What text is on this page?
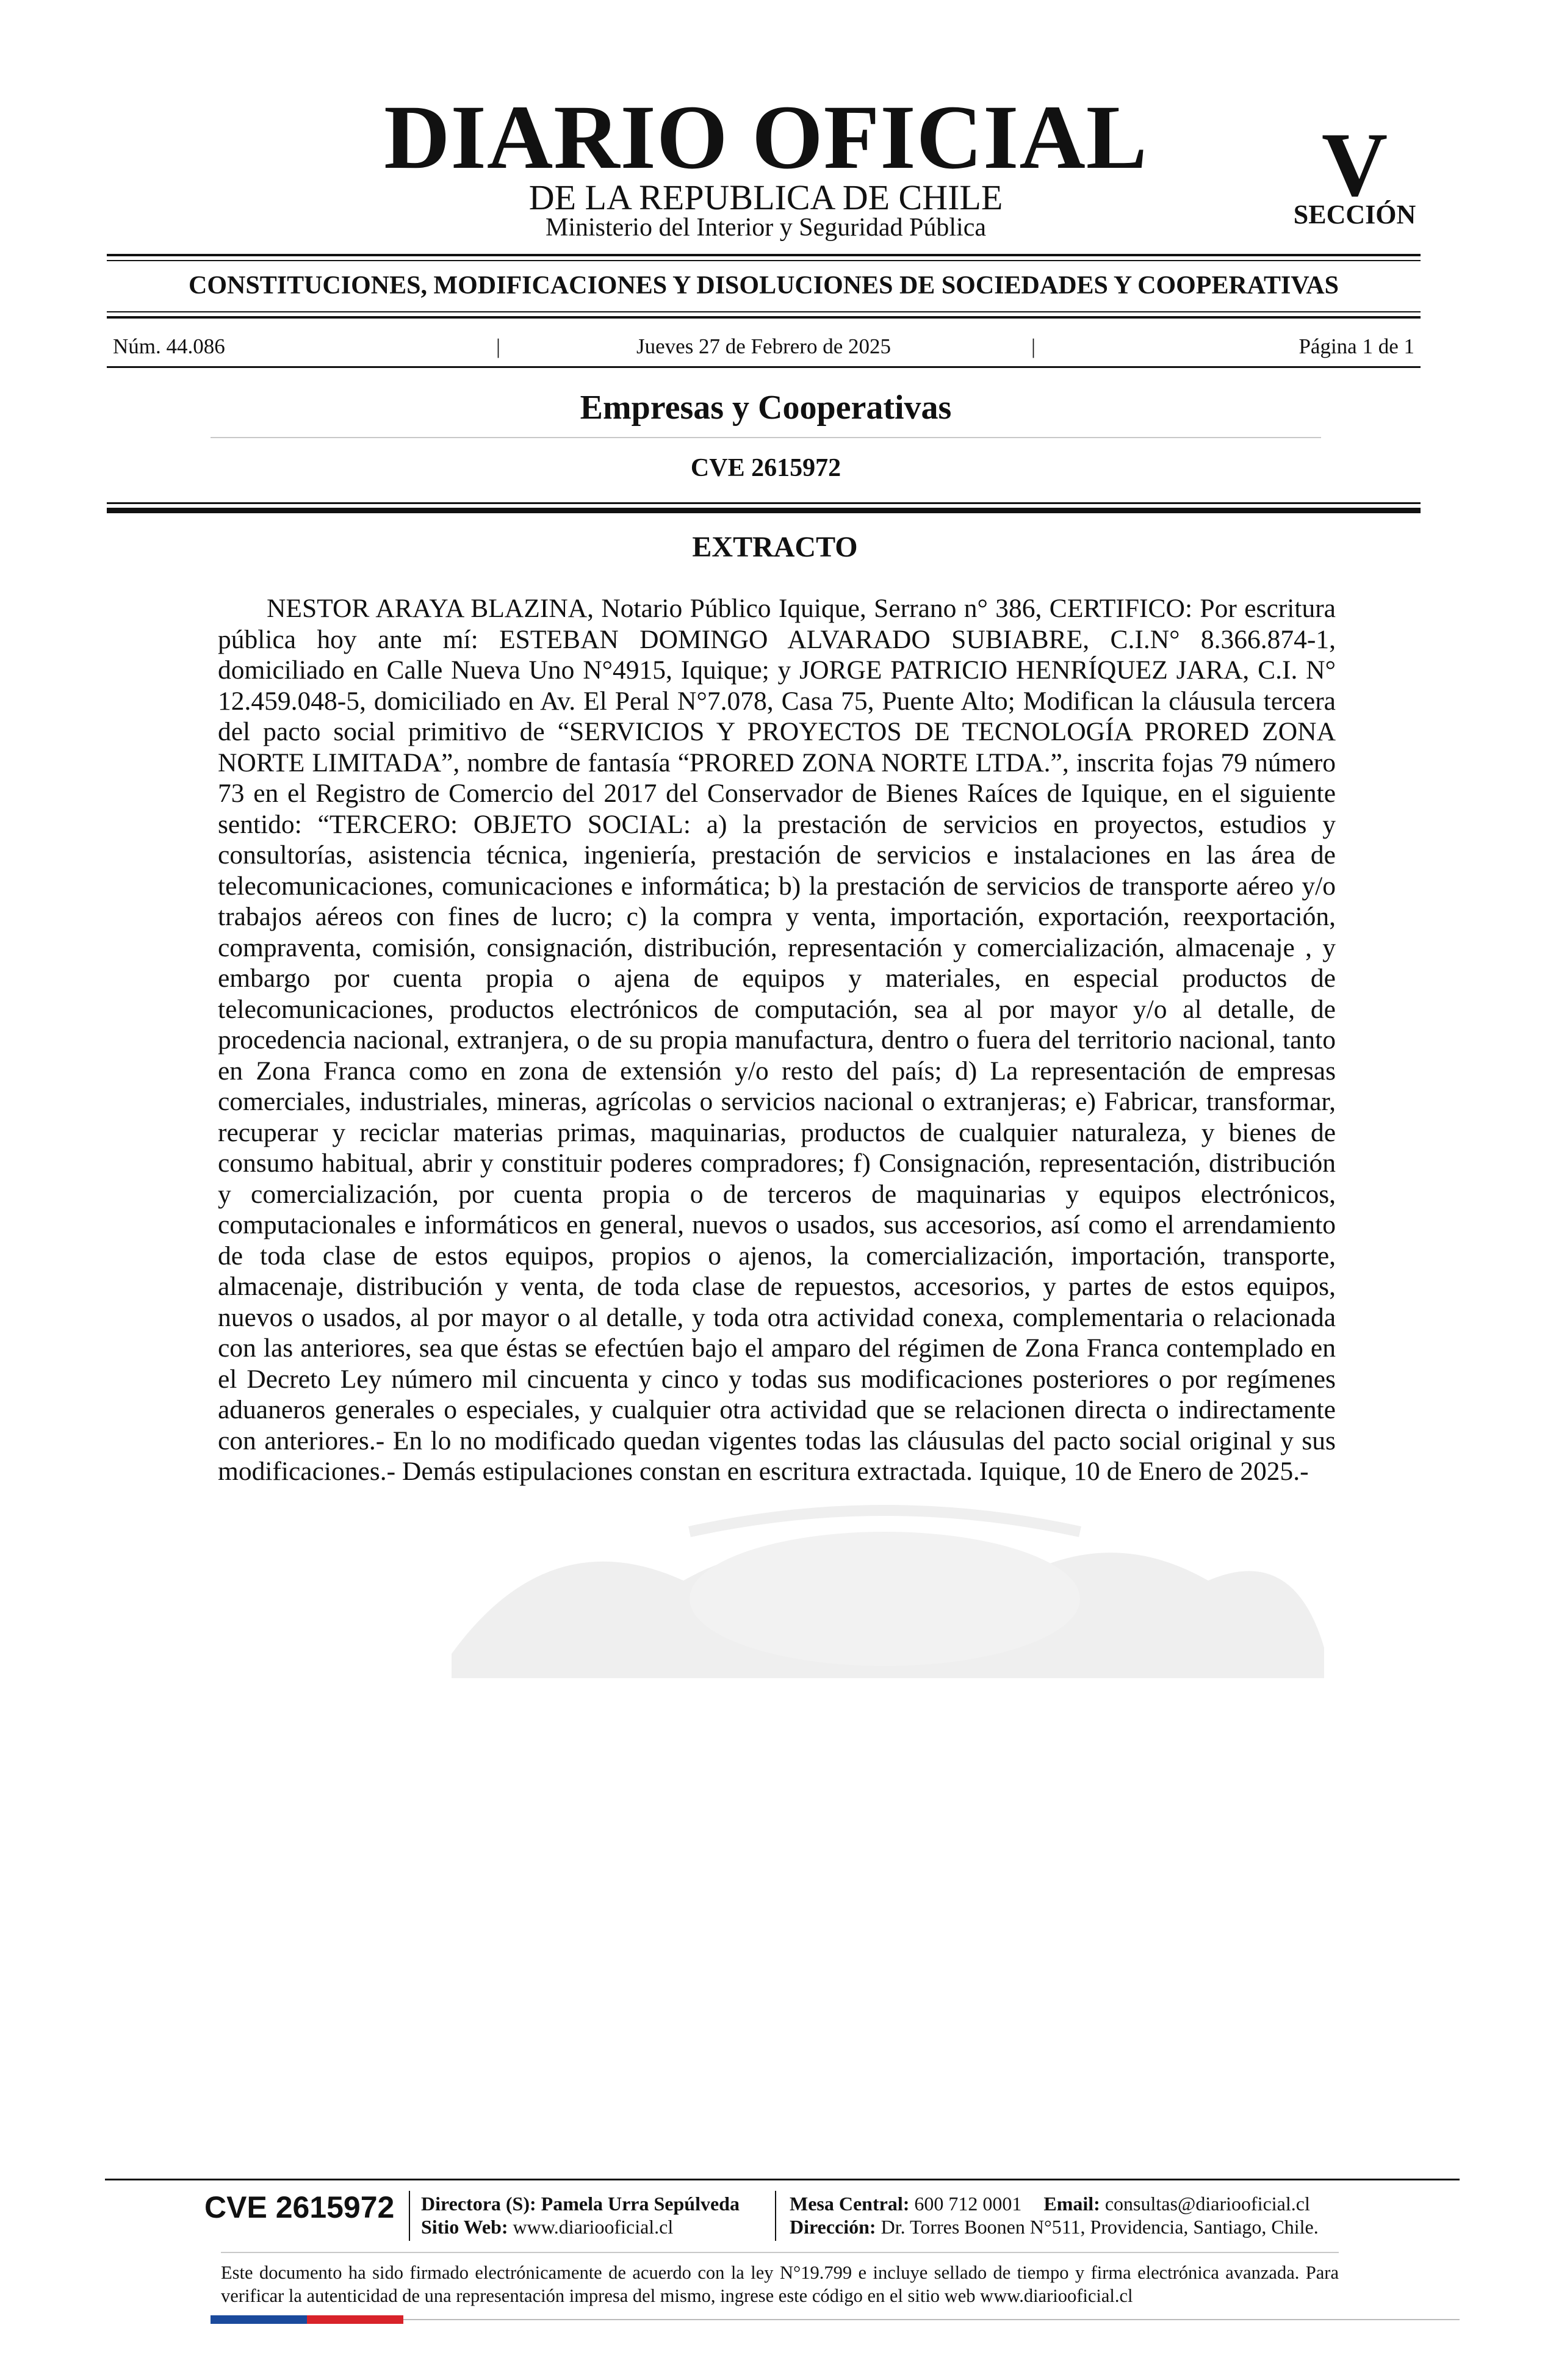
DIARIO OFICIAL
DE LA REPUBLICA DE CHILE
Ministerio del Interior y Seguridad Pública
V
SECCIÓN
CONSTITUCIONES, MODIFICACIONES Y DISOLUCIONES DE SOCIEDADES Y COOPERATIVAS
Núm. 44.086	|	Jueves 27 de Febrero de 2025	|	Página 1 de 1
Empresas y Cooperativas
CVE 2615972
EXTRACTO
NESTOR ARAYA BLAZINA, Notario Público Iquique, Serrano n° 386, CERTIFICO: Por escritura pública hoy ante mí: ESTEBAN DOMINGO ALVARADO SUBIABRE, C.I.N° 8.366.874-1, domiciliado en Calle Nueva Uno N°4915, Iquique; y JORGE PATRICIO HENRÍQUEZ JARA, C.I. N° 12.459.048-5, domiciliado en Av. El Peral N°7.078, Casa 75, Puente Alto; Modifican la cláusula tercera del pacto social primitivo de “SERVICIOS Y PROYECTOS DE TECNOLOGÍA PRORED ZONA NORTE LIMITADA”, nombre de fantasía “PRORED ZONA NORTE LTDA.”, inscrita fojas 79 número 73 en el Registro de Comercio del 2017 del Conservador de Bienes Raíces de Iquique, en el siguiente sentido: “TERCERO: OBJETO SOCIAL: a) la prestación de servicios en proyectos, estudios y consultorías, asistencia técnica, ingeniería, prestación de servicios e instalaciones en las área de telecomunicaciones, comunicaciones e informática; b) la prestación de servicios de transporte aéreo y/o trabajos aéreos con fines de lucro; c) la compra y venta, importación, exportación, reexportación, compraventa, comisión, consignación, distribución, representación y comercialización, almacenaje , y embargo por cuenta propia o ajena de equipos y materiales, en especial productos de telecomunicaciones, productos electrónicos de computación, sea al por mayor y/o al detalle, de procedencia nacional, extranjera, o de su propia manufactura, dentro o fuera del territorio nacional, tanto en Zona Franca como en zona de extensión y/o resto del país; d) La representación de empresas comerciales, industriales, mineras, agrícolas o servicios nacional o extranjeras; e) Fabricar, transformar, recuperar y reciclar materias primas, maquinarias, productos de cualquier naturaleza, y bienes de consumo habitual, abrir y constituir poderes compradores; f) Consignación, representación, distribución y comercialización, por cuenta propia o de terceros de maquinarias y equipos electrónicos, computacionales e informáticos en general, nuevos o usados, sus accesorios, así como el arrendamiento de toda clase de estos equipos, propios o ajenos, la comercialización, importación, transporte, almacenaje, distribución y venta, de toda clase de repuestos, accesorios, y partes de estos equipos, nuevos o usados, al por mayor o al detalle, y toda otra actividad conexa, complementaria o relacionada con las anteriores, sea que éstas se efectúen bajo el amparo del régimen de Zona Franca contemplado en el Decreto Ley número mil cincuenta y cinco y todas sus modificaciones posteriores o por regímenes aduaneros generales o especiales, y cualquier otra actividad que se relacionen directa o indirectamente con anteriores.- En lo no modificado quedan vigentes todas las cláusulas del pacto social original y sus modificaciones.- Demás estipulaciones constan en escritura extractada. Iquique, 10 de Enero de 2025.-
CVE 2615972 Directora (S): Pamela Urra Sepúlveda
Sitio Web: www.diariooficial.cl
Mesa Central: 600 712 0001 Email: consultas@diariooficial.cl
Dirección: Dr. Torres Boonen N°511, Providencia, Santiago, Chile.
Este documento ha sido firmado electrónicamente de acuerdo con la ley N°19.799 e incluye sellado de tiempo y firma electrónica avanzada. Para verificar la autenticidad de una representación impresa del mismo, ingrese este código en el sitio web www.diariooficial.cl
